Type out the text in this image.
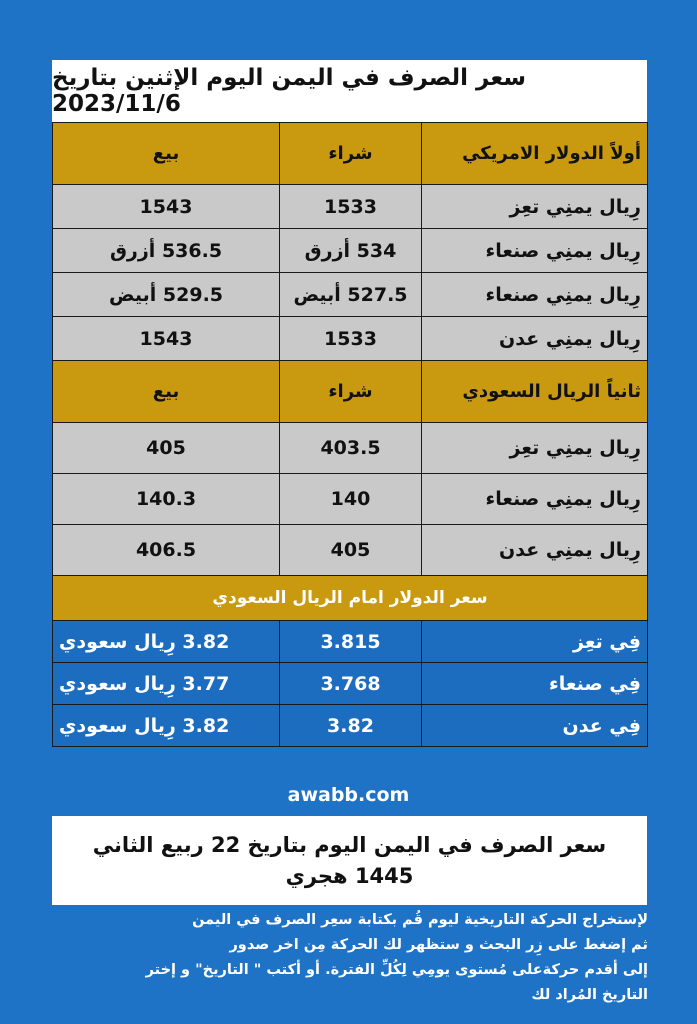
سعر الصرف في اليمن اليوم الإثنين بتاريخ 2023/11/6
أولاً الدولار الامريكي	شراء	بيع
رِيال يمنِي تعِز	1533	1543
رِيال يمنِي صنعاء	534 أزرق	536.5 أزرق
رِيال يمنِي صنعاء	527.5 أبيض	529.5 أبيض
رِيال يمنِي عدن	1533	1543
ثانياً الريال السعودي	شراء	بيع
رِيال يمنِي تعِز	403.5	405
رِيال يمنِي صنعاء	140	140.3
رِيال يمنِي عدن	405	406.5
سعر الدولار امام الريال السعودي		
فِي تعِز	3.815	3.82 رِيال سعودي
فِي صنعاء	3.768	3.77 رِيال سعودي
فِي عدن	3.82	3.82 رِيال سعودي
awabb.com
سعر الصرف في اليمن اليوم بتاريخ 22 ربيع الثاني 1445 هجري
لإستخراج الحركة التاريخية ليوم قُم بكتابة سعِر الصرف في اليمن
ثم إضغط على زِر البحث و ستظهر لك الحركة مِن اخر صدور
إلى أقدم حركةعلى مُستوى يومِي لِكُلِّ الفترة. أو أكتب " التاريخ" و إختر
التاريخ المُراد لك
